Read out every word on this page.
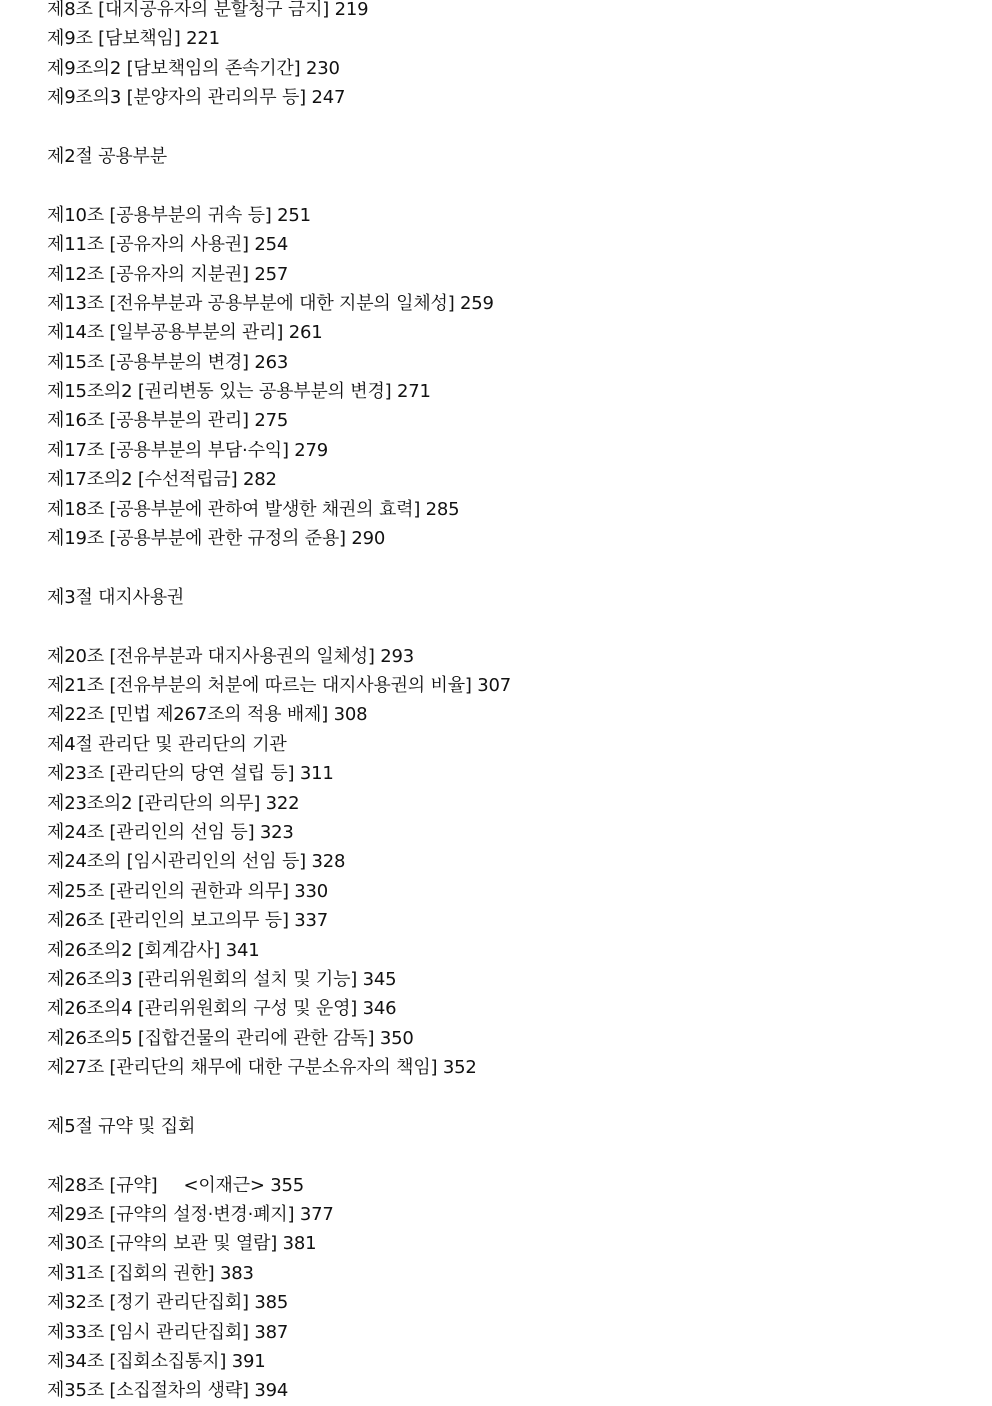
제8조 [대지공유자의 분할청구 금지] 219
제9조 [담보책임] 221
제9조의2 [담보책임의 존속기간] 230
제9조의3 [분양자의 관리의무 등] 247
제2절 공용부분
제10조 [공용부분의 귀속 등] 251
제11조 [공유자의 사용권] 254
제12조 [공유자의 지분권] 257
제13조 [전유부분과 공용부분에 대한 지분의 일체성] 259
제14조 [일부공용부분의 관리] 261
제15조 [공용부분의 변경] 263
제15조의2 [권리변동 있는 공용부분의 변경] 271
제16조 [공용부분의 관리] 275
제17조 [공용부분의 부담·수익] 279
제17조의2 [수선적립금] 282
제18조 [공용부분에 관하여 발생한 채권의 효력] 285
제19조 [공용부분에 관한 규정의 준용] 290
제3절 대지사용권
제20조 [전유부분과 대지사용권의 일체성] 293
제21조 [전유부분의 처분에 따르는 대지사용권의 비율] 307
제22조 [민법 제267조의 적용 배제] 308
제4절 관리단 및 관리단의 기관
제23조 [관리단의 당연 설립 등] 311
제23조의2 [관리단의 의무] 322
제24조 [관리인의 선임 등] 323
제24조의 [임시관리인의 선임 등] 328
제25조 [관리인의 권한과 의무] 330
제26조 [관리인의 보고의무 등] 337
제26조의2 [회계감사] 341
제26조의3 [관리위원회의 설치 및 기능] 345
제26조의4 [관리위원회의 구성 및 운영] 346
제26조의5 [집합건물의 관리에 관한 감독] 350
제27조 [관리단의 채무에 대한 구분소유자의 책임] 352
제5절 규약 및 집회
제28조 [규약] <이재근> 355
제29조 [규약의 설정·변경·폐지] 377
제30조 [규약의 보관 및 열람] 381
제31조 [집회의 권한] 383
제32조 [정기 관리단집회] 385
제33조 [임시 관리단집회] 387
제34조 [집회소집통지] 391
제35조 [소집절차의 생략] 394
